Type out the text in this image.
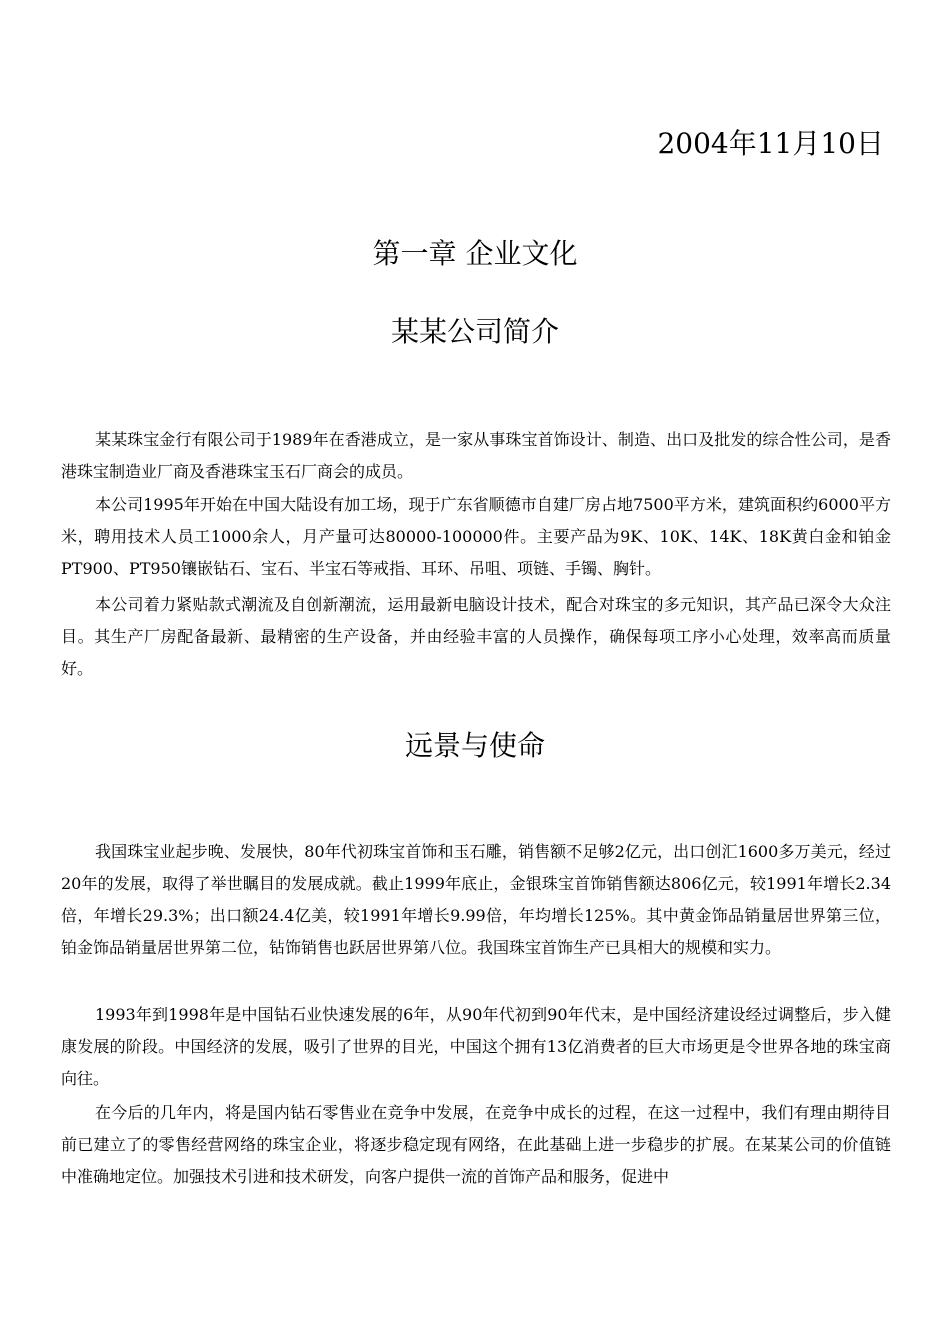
2004年11月10日
第一章 企业文化
某某公司简介

某某珠宝金行有限公司于1989年在香港成立，是一家从事珠宝首饰设计、制造、出口及批发的综合性公司，是香港珠宝制造业厂商及香港珠宝玉石厂商会的成员。

本公司1995年开始在中国大陆设有加工场，现于广东省顺德市自建厂房占地7500平方米，建筑面积约6000平方米，聘用技术人员工1000余人，月产量可达80000-100000件。主要产品为9K、10K、14K、18K黄白金和铂金PT900、PT950镶嵌钻石、宝石、半宝石等戒指、耳环、吊咀、项链、手镯、胸针。

本公司着力紧贴款式潮流及自创新潮流，运用最新电脑设计技术，配合对珠宝的多元知识，其产品已深令大众注目。其生产厂房配备最新、最精密的生产设备，并由经验丰富的人员操作，确保每项工序小心处理，效率高而质量好。

远景与使命

我国珠宝业起步晚、发展快，80年代初珠宝首饰和玉石雕，销售额不足够2亿元，出口创汇1600多万美元，经过20年的发展，取得了举世瞩目的发展成就。截止1999年底止，金银珠宝首饰销售额达806亿元，较1991年增长2.34倍，年增长29.3%；出口额24.4亿美，较1991年增长9.99倍，年均增长125%。其中黄金饰品销量居世界第三位，铂金饰品销量居世界第二位，钻饰销售也跃居世界第八位。我国珠宝首饰生产已具相大的规模和实力。

1993年到1998年是中国钻石业快速发展的6年，从90年代初到90年代末，是中国经济建设经过调整后，步入健康发展的阶段。中国经济的发展，吸引了世界的目光，中国这个拥有13亿消费者的巨大市场更是令世界各地的珠宝商向往。

在今后的几年内，将是国内钻石零售业在竞争中发展，在竞争中成长的过程，在这一过程中，我们有理由期待目前已建立了的零售经营网络的珠宝企业，将逐步稳定现有网络，在此基础上进一步稳步的扩展。在某某公司的价值链中准确地定位。加强技术引进和技术研发，向客户提供一流的首饰产品和服务，促进中
